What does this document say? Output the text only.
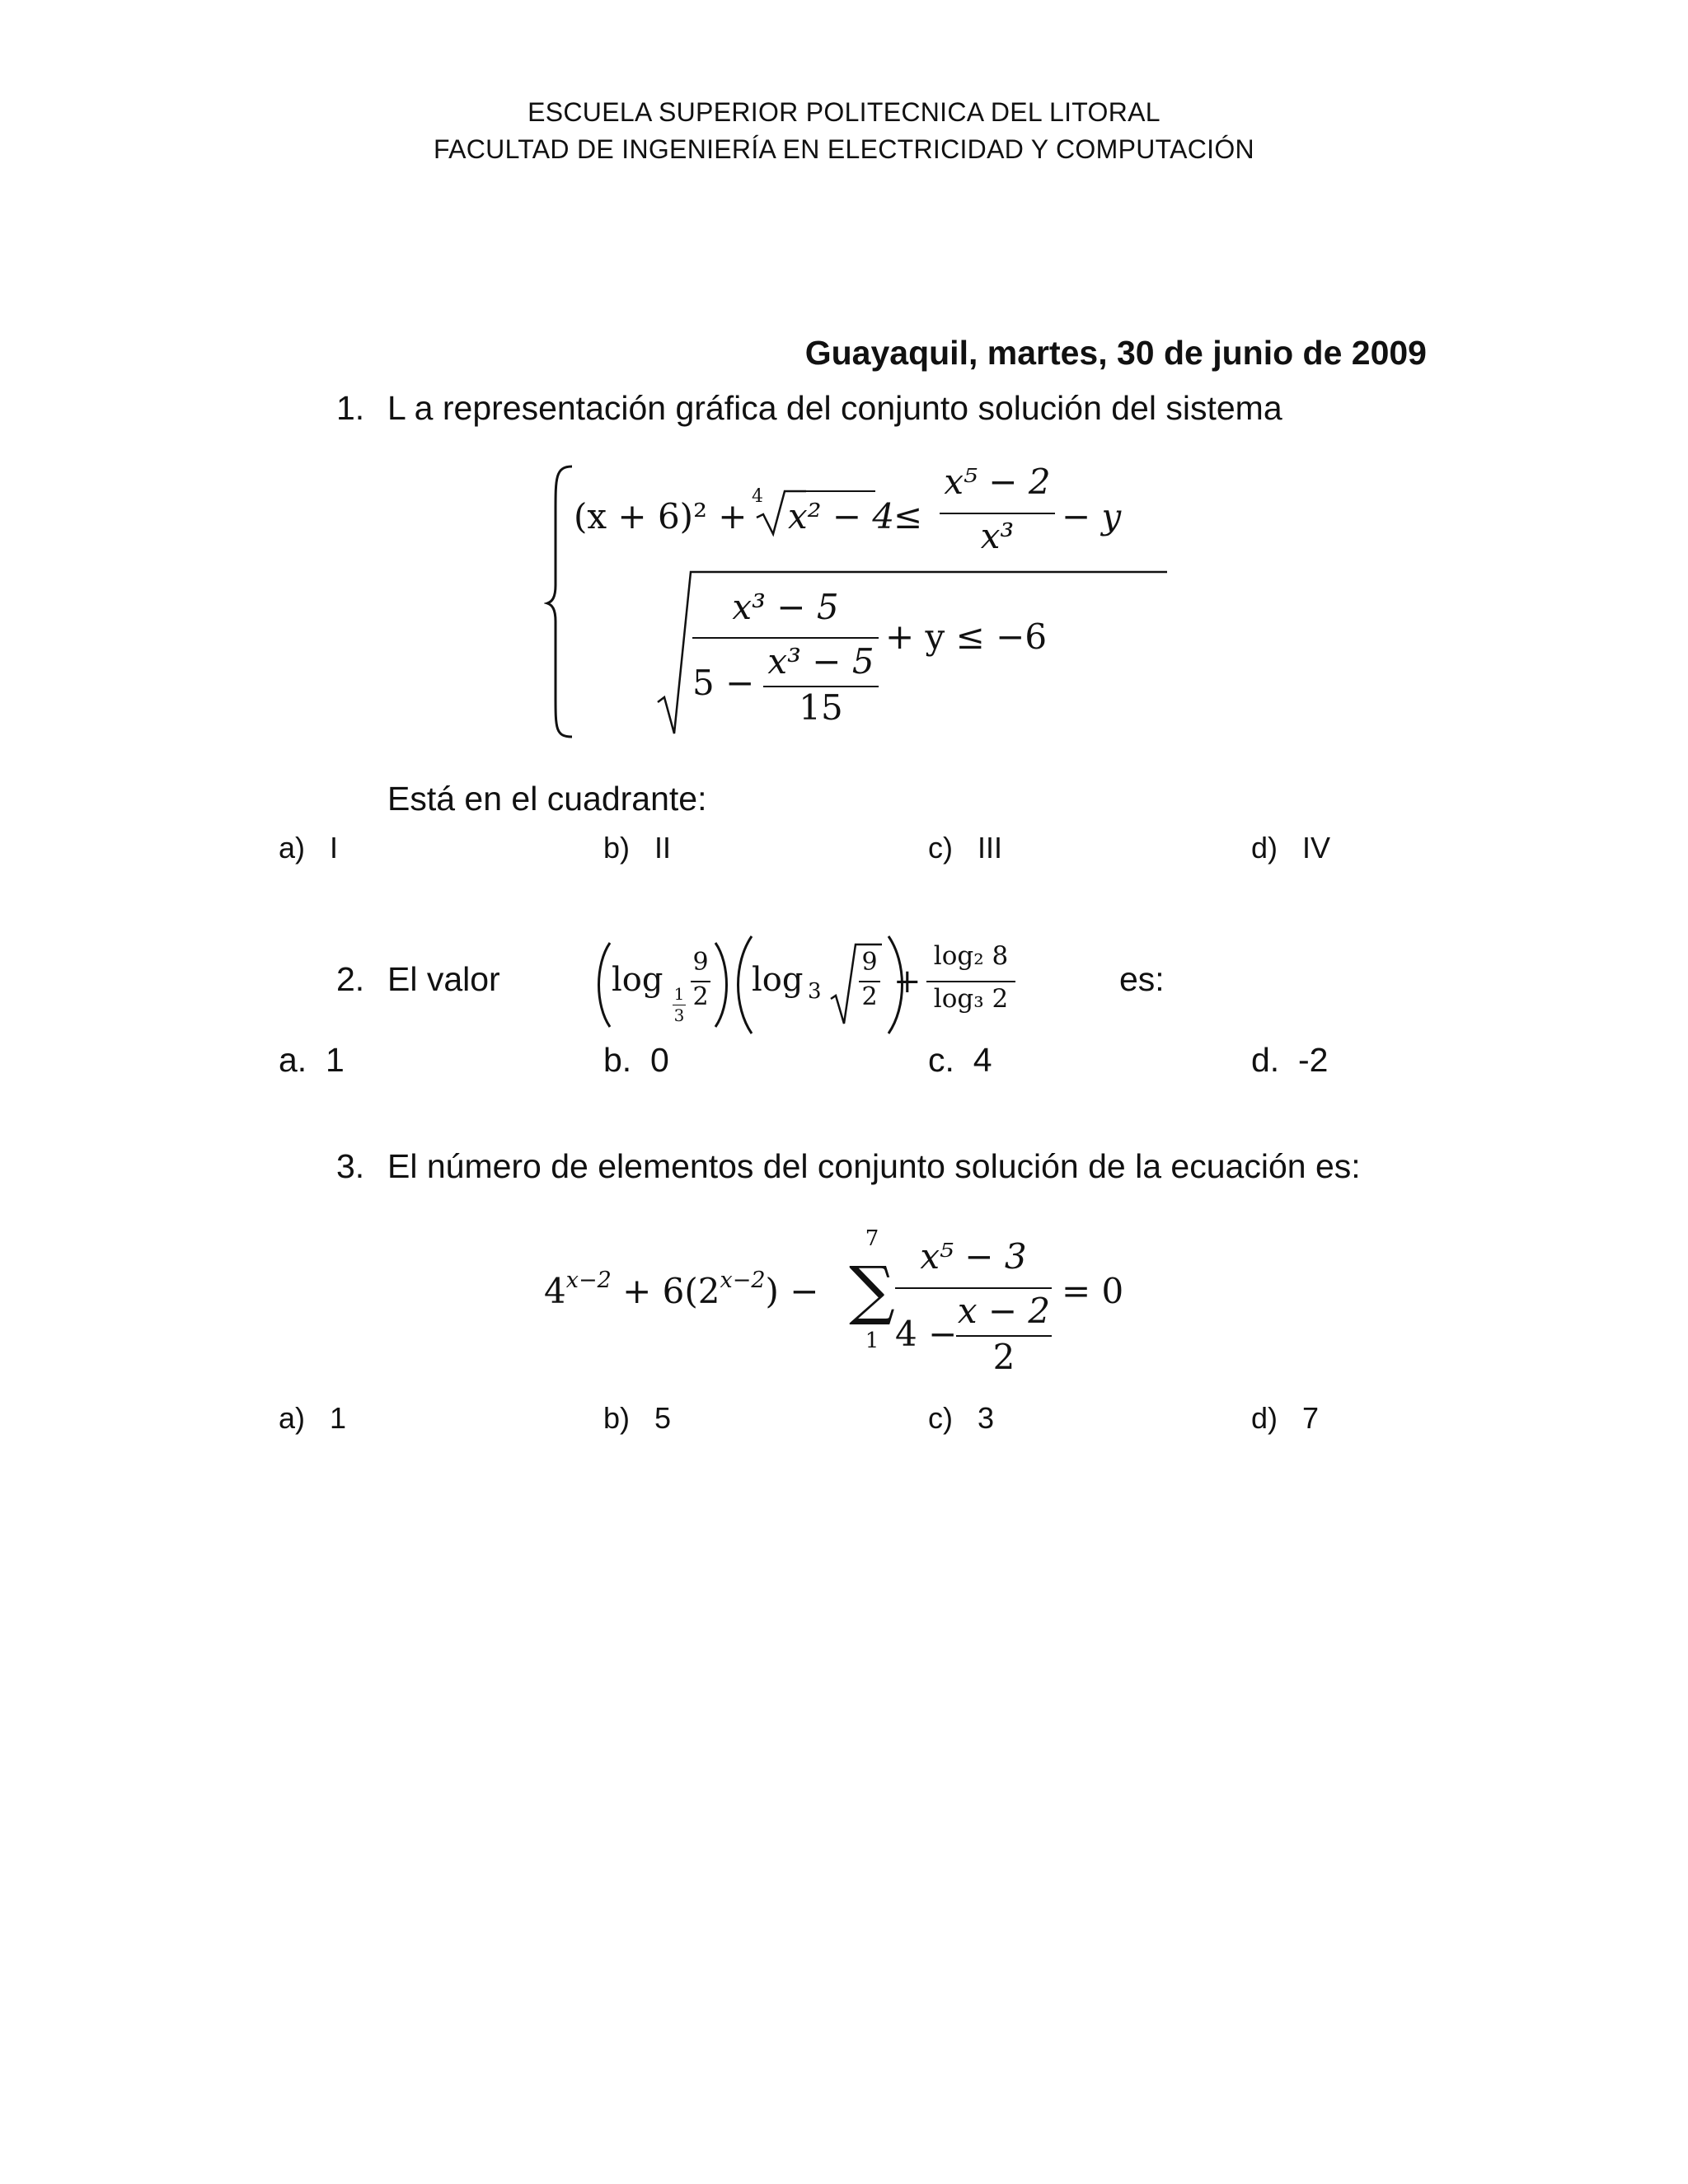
ESCUELA SUPERIOR POLITECNICA DEL LITORAL
FACULTAD DE INGENIERÍA EN ELECTRICIDAD Y COMPUTACIÓN
Guayaquil, martes, 30 de junio de 2009
1. L a representación gráfica del conjunto solución del sistema
(x + 6)² + 4 x² − 4
≤
x⁵ − 2
x³	− y
x³ − 5
5 −
x³ − 5
15
+ y ≤ −6
Está en el cuadrante:
a) I	b) II	c) III	d) IV
2. El valor	log 1
3
9
2 log 3
9
2 +
log₂ 8
log₃ 2
es:
a. 1	b. 0	c. 4	d. -2
3. El número de elementos del conjunto solución de la ecuación es:
$4^{x-2} + 6(2^{x-2})$ −
7
∑
1
x⁵ − 3
4 −
x − 2
2
= 0
a) 1	b) 5	c) 3	d) 7
